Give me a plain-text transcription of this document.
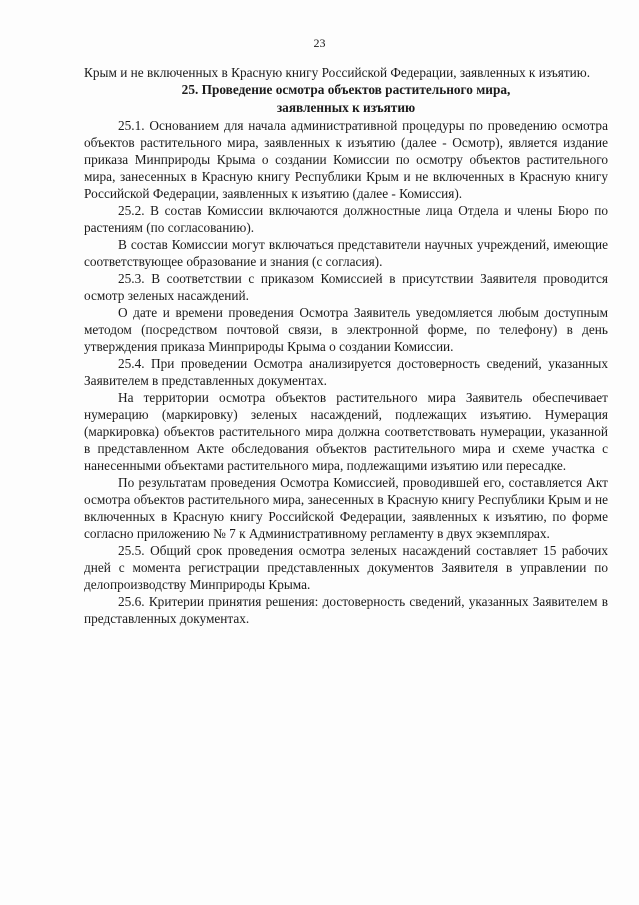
23

Крым и не включенных в Красную книгу Российской Федерации, заявленных к изъятию.

25. Проведение осмотра объектов растительного мира,
заявленных к изъятию

25.1. Основанием для начала административной процедуры по проведению осмотра объектов растительного мира, заявленных к изъятию (далее - Осмотр), является издание приказа Минприроды Крыма о создании Комиссии по осмотру объектов растительного мира, занесенных в Красную книгу Республики Крым и не включенных в Красную книгу Российской Федерации, заявленных к изъятию (далее - Комиссия).

25.2. В состав Комиссии включаются должностные лица Отдела и члены Бюро по растениям (по согласованию).

В состав Комиссии могут включаться представители научных учреждений, имеющие соответствующее образование и знания (с согласия).

25.3. В соответствии с приказом Комиссией в присутствии Заявителя проводится осмотр зеленых насаждений.

О дате и времени проведения Осмотра Заявитель уведомляется любым доступным методом (посредством почтовой связи, в электронной форме, по телефону) в день утверждения приказа Минприроды Крыма о создании Комиссии.

25.4. При проведении Осмотра анализируется достоверность сведений, указанных Заявителем в представленных документах.

На территории осмотра объектов растительного мира Заявитель обеспечивает нумерацию (маркировку) зеленых насаждений, подлежащих изъятию. Нумерация (маркировка) объектов растительного мира должна соответствовать нумерации, указанной в представленном Акте обследования объектов растительного мира и схеме участка с нанесенными объектами растительного мира, подлежащими изъятию или пересадке.

По результатам проведения Осмотра Комиссией, проводившей его, составляется Акт осмотра объектов растительного мира, занесенных в Красную книгу Республики Крым и не включенных в Красную книгу Российской Федерации, заявленных к изъятию, по форме согласно приложению № 7 к Административному регламенту в двух экземплярах.

25.5. Общий срок проведения осмотра зеленых насаждений составляет 15 рабочих дней с момента регистрации представленных документов Заявителя в управлении по делопроизводству Минприроды Крыма.

25.6. Критерии принятия решения: достоверность сведений, указанных Заявителем в представленных документах.
